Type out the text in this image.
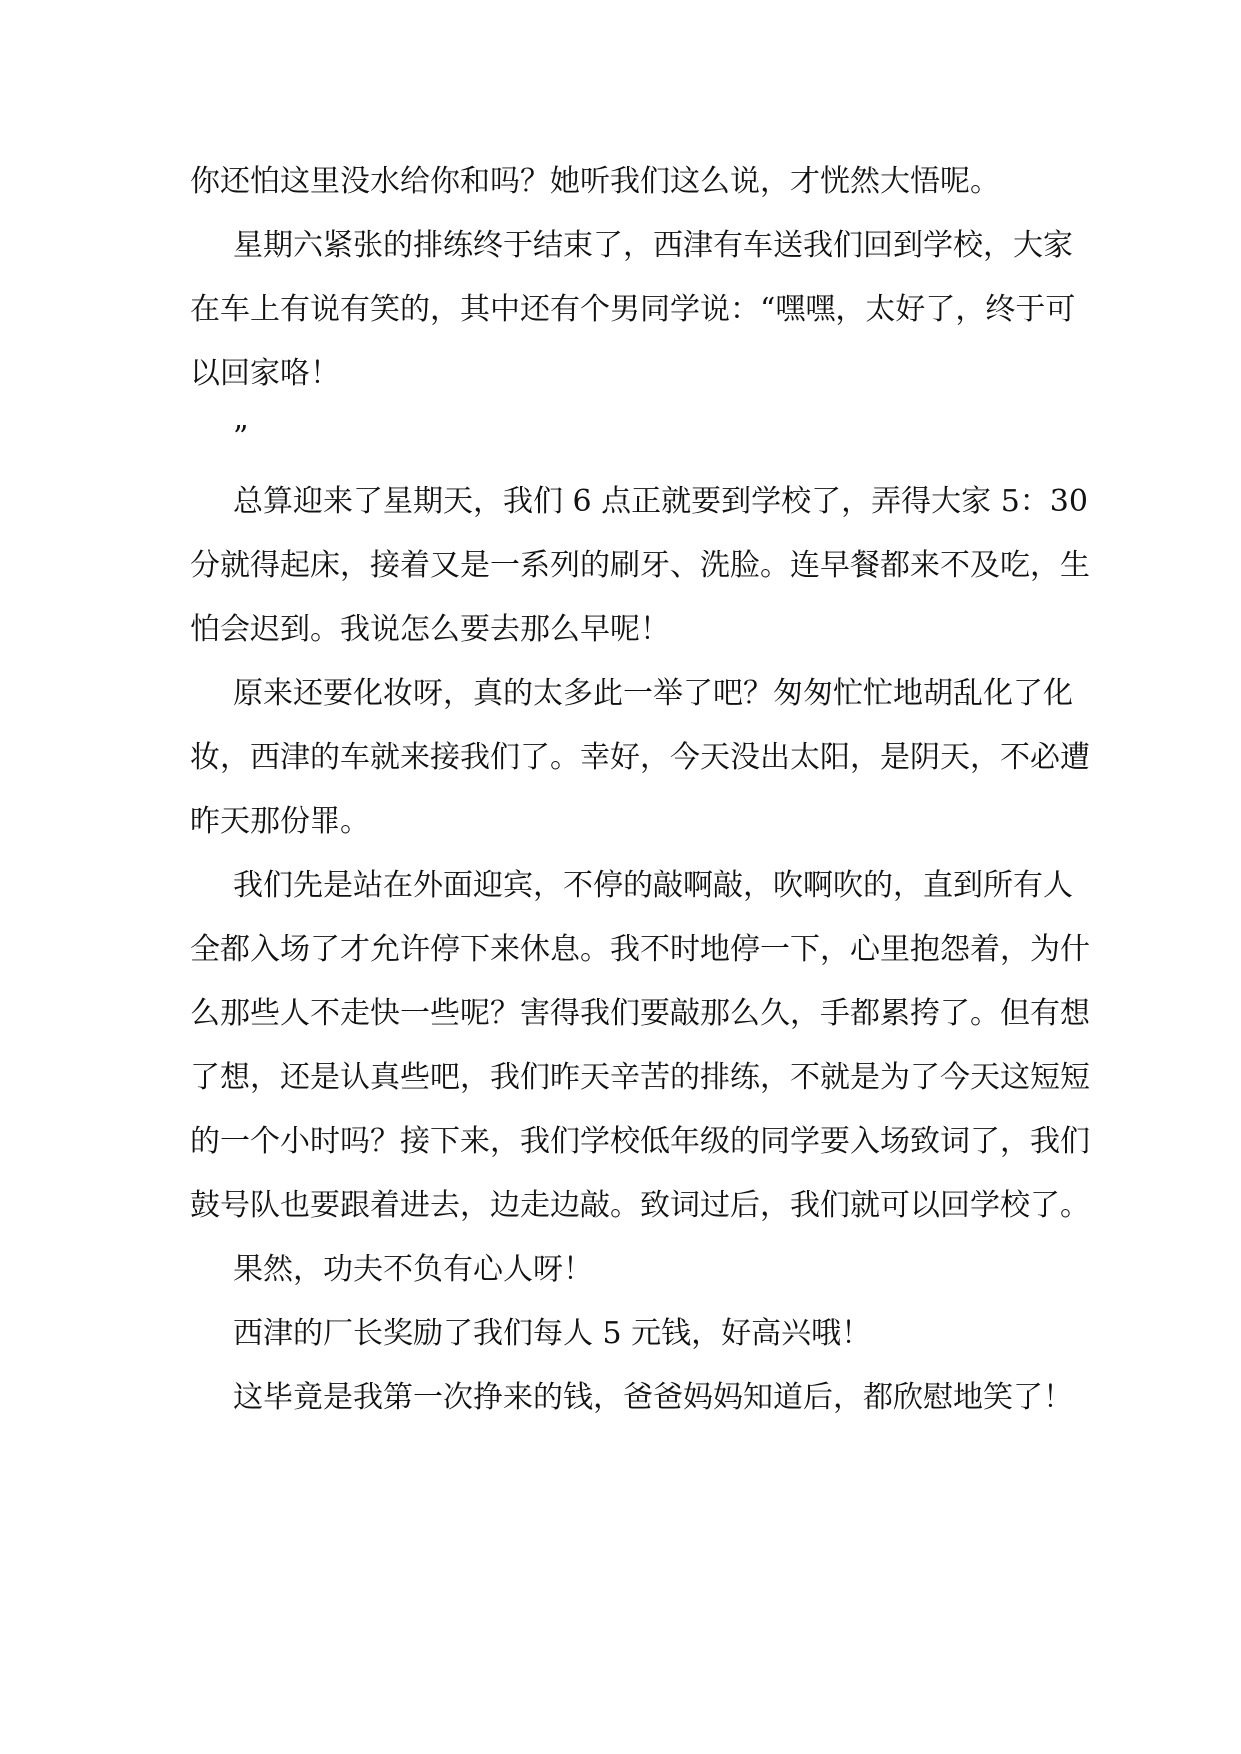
你还怕这里没水给你和吗？她听我们这么说，才恍然大悟呢。
星期六紧张的排练终于结束了，西津有车送我们回到学校，大家
在车上有说有笑的，其中还有个男同学说：“嘿嘿，太好了，终于可
以回家咯！
”
总算迎来了星期天，我们 6 点正就要到学校了，弄得大家 5：30
分就得起床，接着又是一系列的刷牙、洗脸。连早餐都来不及吃，生
怕会迟到。我说怎么要去那么早呢！
原来还要化妆呀，真的太多此一举了吧？匆匆忙忙地胡乱化了化
妆，西津的车就来接我们了。幸好，今天没出太阳，是阴天，不必遭
昨天那份罪。
我们先是站在外面迎宾，不停的敲啊敲，吹啊吹的，直到所有人
全都入场了才允许停下来休息。我不时地停一下，心里抱怨着，为什
么那些人不走快一些呢？害得我们要敲那么久，手都累挎了。但有想
了想，还是认真些吧，我们昨天辛苦的排练，不就是为了今天这短短
的一个小时吗？接下来，我们学校低年级的同学要入场致词了，我们
鼓号队也要跟着进去，边走边敲。致词过后，我们就可以回学校了。
果然，功夫不负有心人呀！
西津的厂长奖励了我们每人 5 元钱，好高兴哦！
这毕竟是我第一次挣来的钱，爸爸妈妈知道后，都欣慰地笑了！
